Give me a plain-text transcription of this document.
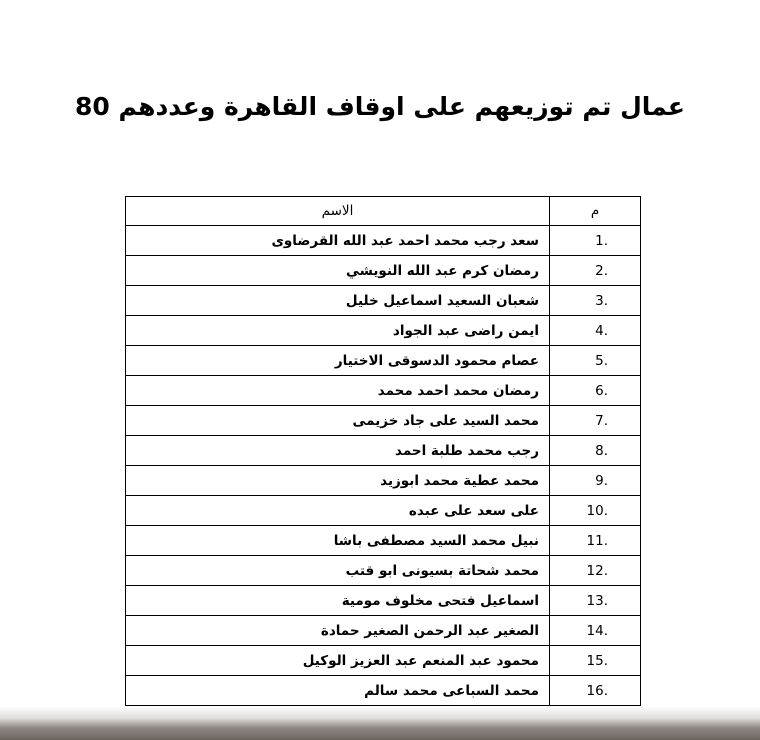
عمال تم توزيعهم على اوقاف القاهرة وعددهم 80
م	الاسم
1.	سعد رجب محمد احمد عبد الله القرضاوى
2.	رمضان كرم عبد الله النويشي
3.	شعبان السعيد اسماعيل خليل
4.	ايمن راضى عبد الجواد
5.	عصام محمود الدسوقى الاختيار
6.	رمضان محمد احمد محمد
7.	محمد السيد على جاد خزيمى
8.	رجب محمد طلبة احمد
9.	محمد عطية محمد ابوزيد
10.	على سعد على عبده
11.	نبيل محمد السيد مصطفى باشا
12.	محمد شحاتة بسيونى ابو قتب
13.	اسماعيل فتحى مخلوف مومية
14.	الصغير عبد الرحمن الصغير حمادة
15.	محمود عبد المنعم عبد العزيز الوكيل
16.	محمد السباعى محمد سالم
